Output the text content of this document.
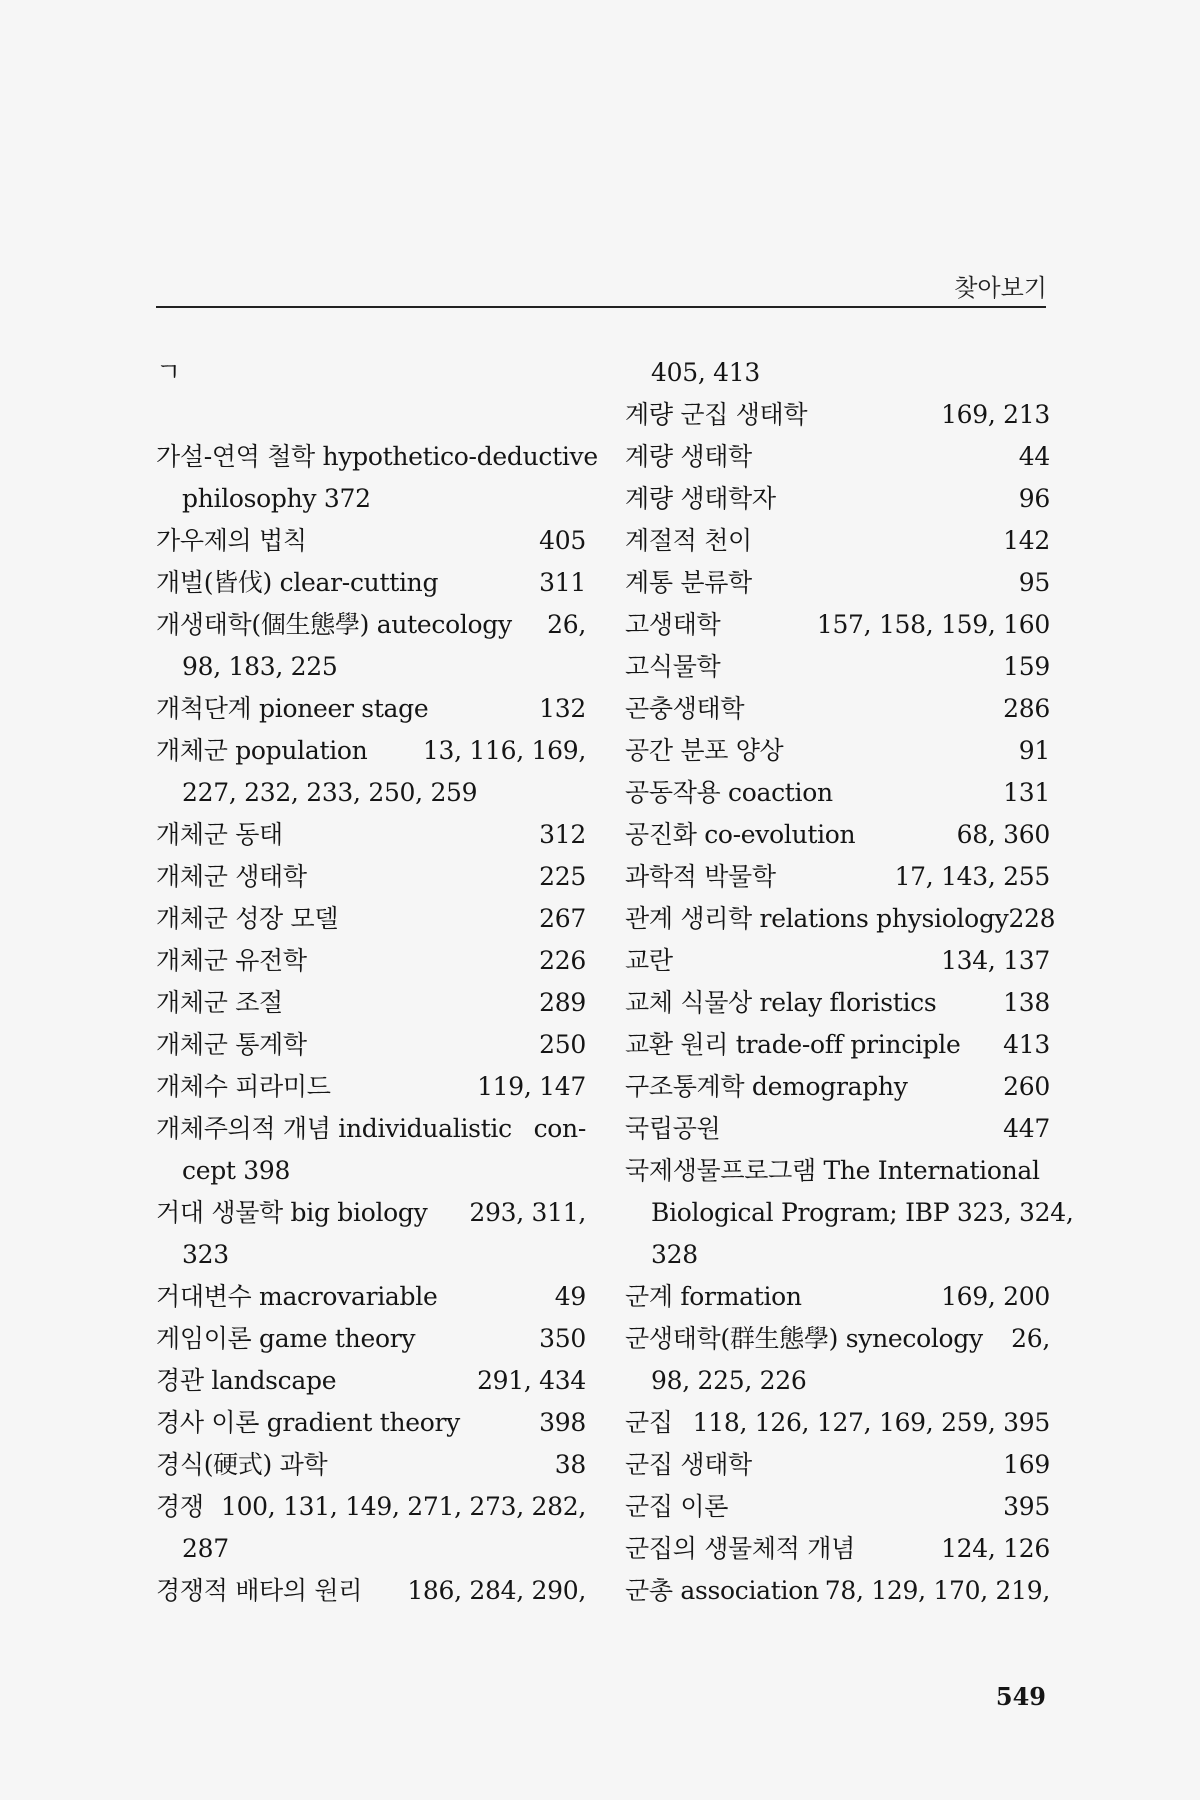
찾아보기
ㄱ
가설-연역 철학 hypothetico-deductive
philosophy 372
가우제의 법칙	405
개벌(皆伐) clear-cutting	311
개생태학(個生態學) autecology 26,
98, 183, 225
개척단계 pioneer stage	132
개체군 population 13, 116, 169,
227, 232, 233, 250, 259
개체군 동태	312
개체군 생태학	225
개체군 성장 모델	267
개체군 유전학	226
개체군 조절	289
개체군 통계학	250
개체수 피라미드	119, 147
개체주의적 개념 individualistic con-
cept 398
거대 생물학 big biology 293, 311,
323
거대변수 macrovariable	49
게임이론 game theory	350
경관 landscape	291, 434
경사 이론 gradient theory	398
경식(硬式) 과학	38
경쟁 100, 131, 149, 271, 273, 282,
287
경쟁적 배타의 원리 186, 284, 290,
405, 413
계량 군집 생태학	169, 213
계량 생태학	44
계량 생태학자	96
계절적 천이	142
계통 분류학	95
고생태학	157, 158, 159, 160
고식물학	159
곤충생태학	286
공간 분포 양상	91
공동작용 coaction	131
공진화 co-evolution	68, 360
과학적 박물학	17, 143, 255
관계 생리학 relations physiology 228
교란	134, 137
교체 식물상 relay floristics	138
교환 원리 trade-off principle 413
구조통계학 demography	260
국립공원	447
국제생물프로그램 The International
Biological Program; IBP 323, 324,
328
군계 formation	169, 200
군생태학(群生態學) synecology 26,
98, 225, 226
군집 118, 126, 127, 169, 259, 395
군집 생태학	169
군집 이론	395
군집의 생물체적 개념	124, 126
군총 association 78, 129, 170, 219,
549
